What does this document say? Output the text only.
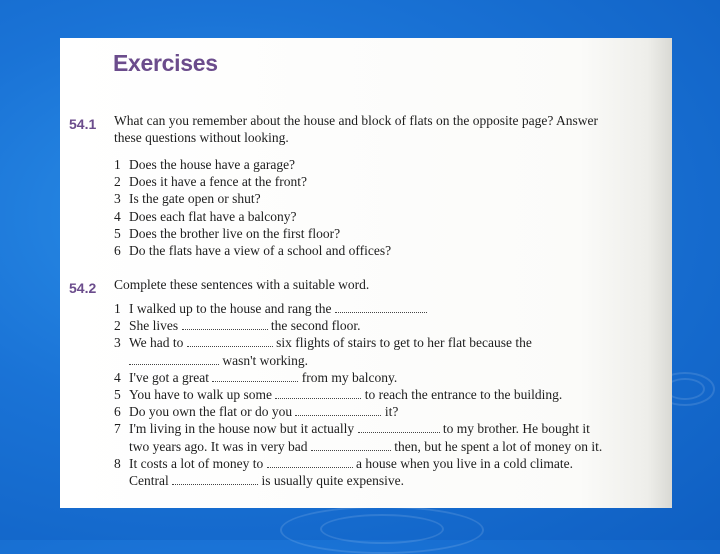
Exercises
54.1 What can you remember about the house and block of flats on the opposite page? Answer these questions without looking.

1 Does the house have a garage?
2 Does it have a fence at the front?
3 Is the gate open or shut?
4 Does each flat have a balcony?
5 Does the brother live on the first floor?
6 Do the flats have a view of a school and offices?
54.2 Complete these sentences with a suitable word.

1 I walked up to the house and rang the
2 She lives	the second floor.
3 We had to	six flights of stairs to get to her flat because the
wasn't working.
4 I've got a great	from my balcony.
5 You have to walk up some	to reach the entrance to the building.
6 Do you own the flat or do you	it?
7 I'm living in the house now but it actually	to my brother. He bought it
two years ago. It was in very bad	then, but he spent a lot of money on it.
8 It costs a lot of money to	a house when you live in a cold climate.
Central	is usually quite expensive.
